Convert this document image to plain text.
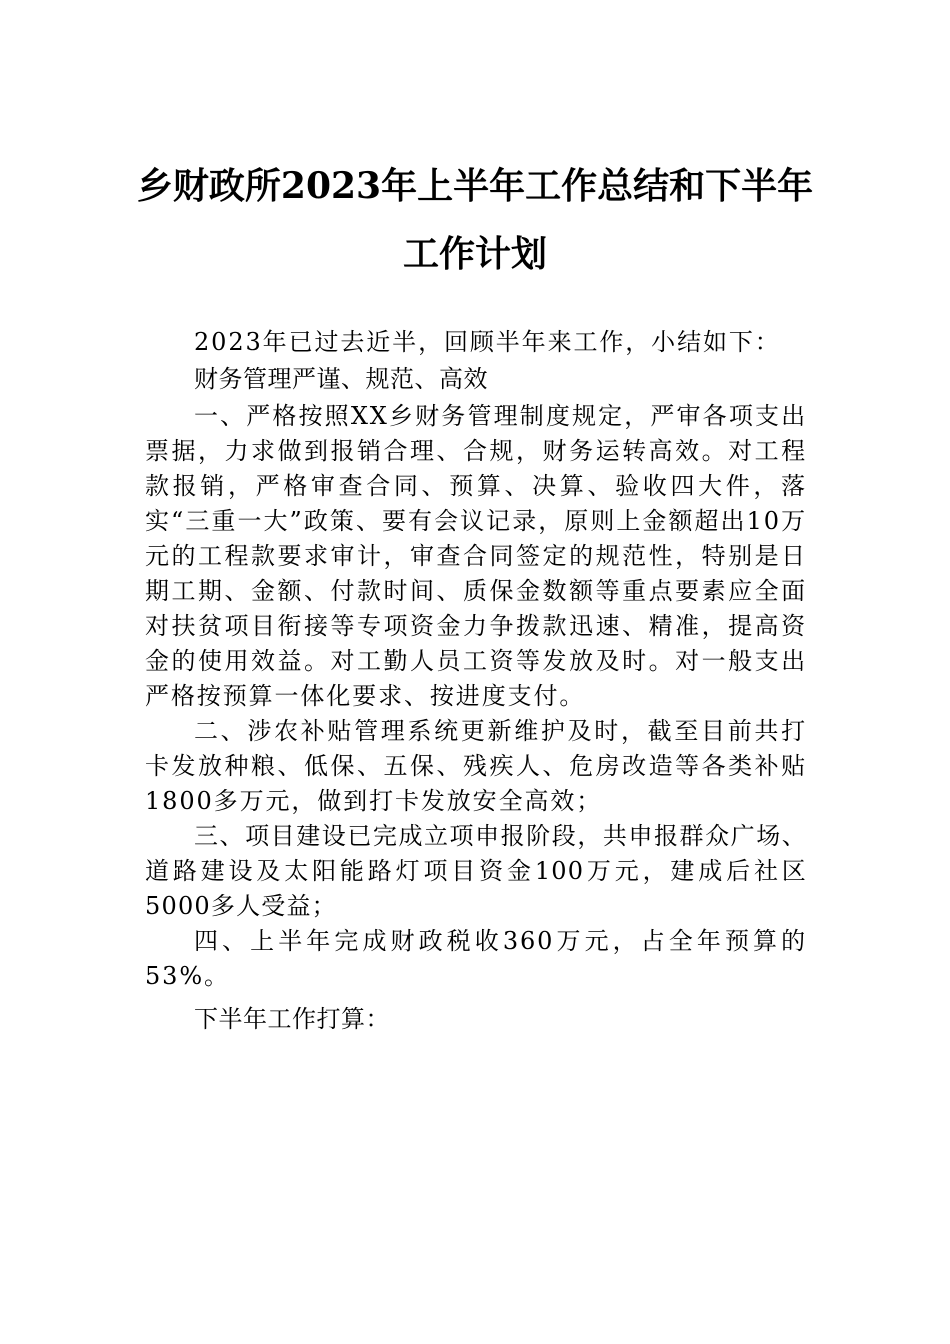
乡财政所2023年上半年工作总结和下半年
工作计划

2023年已过去近半，回顾半年来工作，小结如下：

财务管理严谨、规范、高效

一、严格按照XX乡财务管理制度规定，严审各项支出票据，力求做到报销合理、合规，财务运转高效。对工程款报销，严格审查合同、预算、决算、验收四大件，落实“三重一大”政策、要有会议记录，原则上金额超出10万元的工程款要求审计，审查合同签定的规范性，特别是日期工期、金额、付款时间、质保金数额等重点要素应全面对扶贫项目衔接等专项资金力争拨款迅速、精准，提高资金的使用效益。对工勤人员工资等发放及时。对一般支出严格按预算一体化要求、按进度支付。

二、涉农补贴管理系统更新维护及时，截至目前共打卡发放种粮、低保、五保、残疾人、危房改造等各类补贴1800多万元，做到打卡发放安全高效；

三、项目建设已完成立项申报阶段，共申报群众广场、道路建设及太阳能路灯项目资金100万元，建成后社区5000多人受益；

四、上半年完成财政税收360万元，占全年预算的53%。

下半年工作打算：
